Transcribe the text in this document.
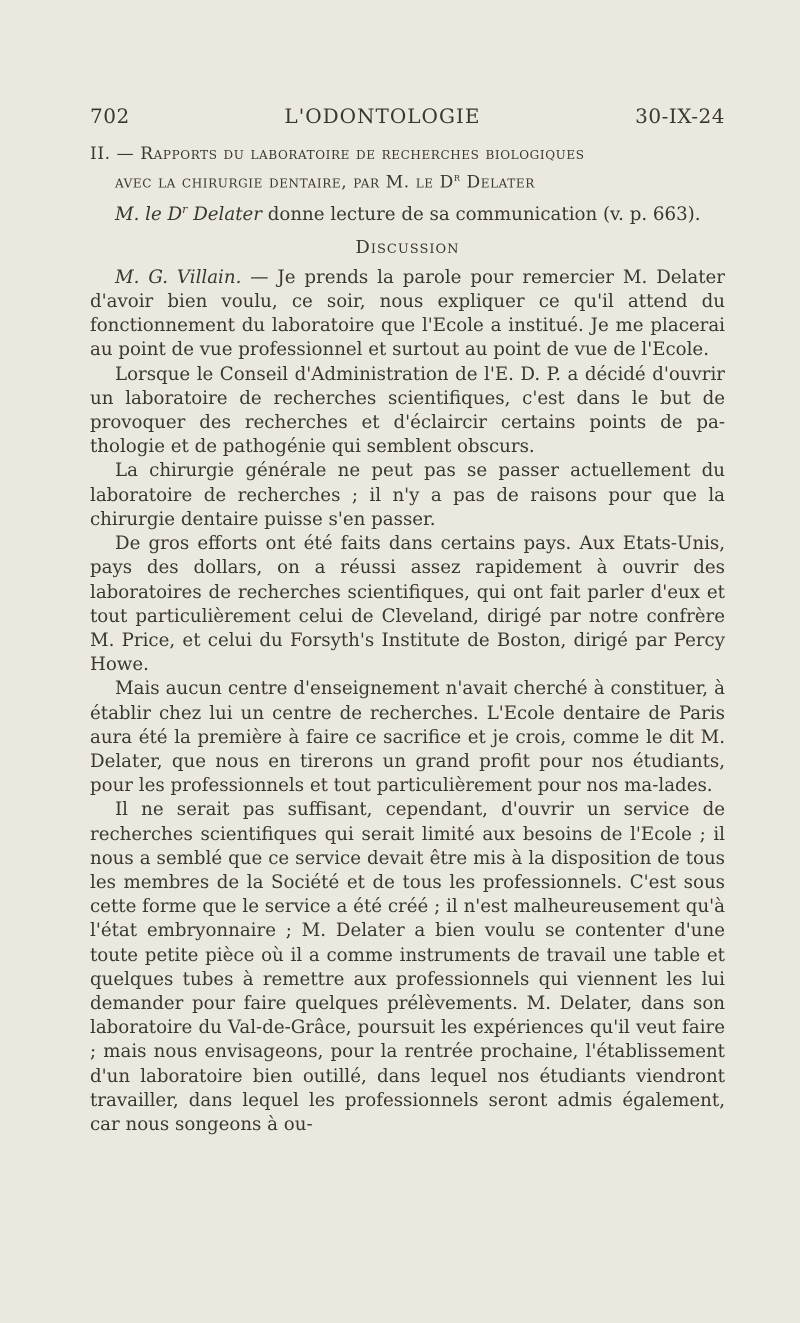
702	L'ODONTOLOGIE	30-IX-24
II. — Rapports du laboratoire de recherches biologiques
avec la chirurgie dentaire, par M. le $D^r$ Delater

M. le $D^r$ Delater donne lecture de sa communication (v. p. 663).

Discussion

M. G. Villain. — Je prends la parole pour remercier M. Delater d'avoir bien voulu, ce soir, nous expliquer ce qu'il attend du fonctionnement du laboratoire que l'Ecole a institué. Je me placerai au point de vue professionnel et surtout au point de vue de l'Ecole.

Lorsque le Conseil d'Administration de l'E. D. P. a décidé d'ouvrir un laboratoire de recherches scientifiques, c'est dans le but de provoquer des recherches et d'éclaircir certains points de pa-thologie et de pathogénie qui semblent obscurs.

La chirurgie générale ne peut pas se passer actuellement du laboratoire de recherches ; il n'y a pas de raisons pour que la chirurgie dentaire puisse s'en passer.

De gros efforts ont été faits dans certains pays. Aux Etats-Unis, pays des dollars, on a réussi assez rapidement à ouvrir des laboratoires de recherches scientifiques, qui ont fait parler d'eux et tout particulièrement celui de Cleveland, dirigé par notre confrère M. Price, et celui du Forsyth's Institute de Boston, dirigé par Percy Howe.

Mais aucun centre d'enseignement n'avait cherché à constituer, à établir chez lui un centre de recherches. L'Ecole dentaire de Paris aura été la première à faire ce sacrifice et je crois, comme le dit M. Delater, que nous en tirerons un grand profit pour nos étudiants, pour les professionnels et tout particulièrement pour nos ma-lades.

Il ne serait pas suffisant, cependant, d'ouvrir un service de recherches scientifiques qui serait limité aux besoins de l'Ecole ; il nous a semblé que ce service devait être mis à la disposition de tous les membres de la Société et de tous les professionnels. C'est sous cette forme que le service a été créé ; il n'est malheureusement qu'à l'état embryonnaire ; M. Delater a bien voulu se contenter d'une toute petite pièce où il a comme instruments de travail une table et quelques tubes à remettre aux professionnels qui viennent les lui demander pour faire quelques prélèvements. M. Delater, dans son laboratoire du Val-de-Grâce, poursuit les expériences qu'il veut faire ; mais nous envisageons, pour la rentrée prochaine, l'établissement d'un laboratoire bien outillé, dans lequel nos étudiants viendront travailler, dans lequel les professionnels seront admis également, car nous songeons à ou-
